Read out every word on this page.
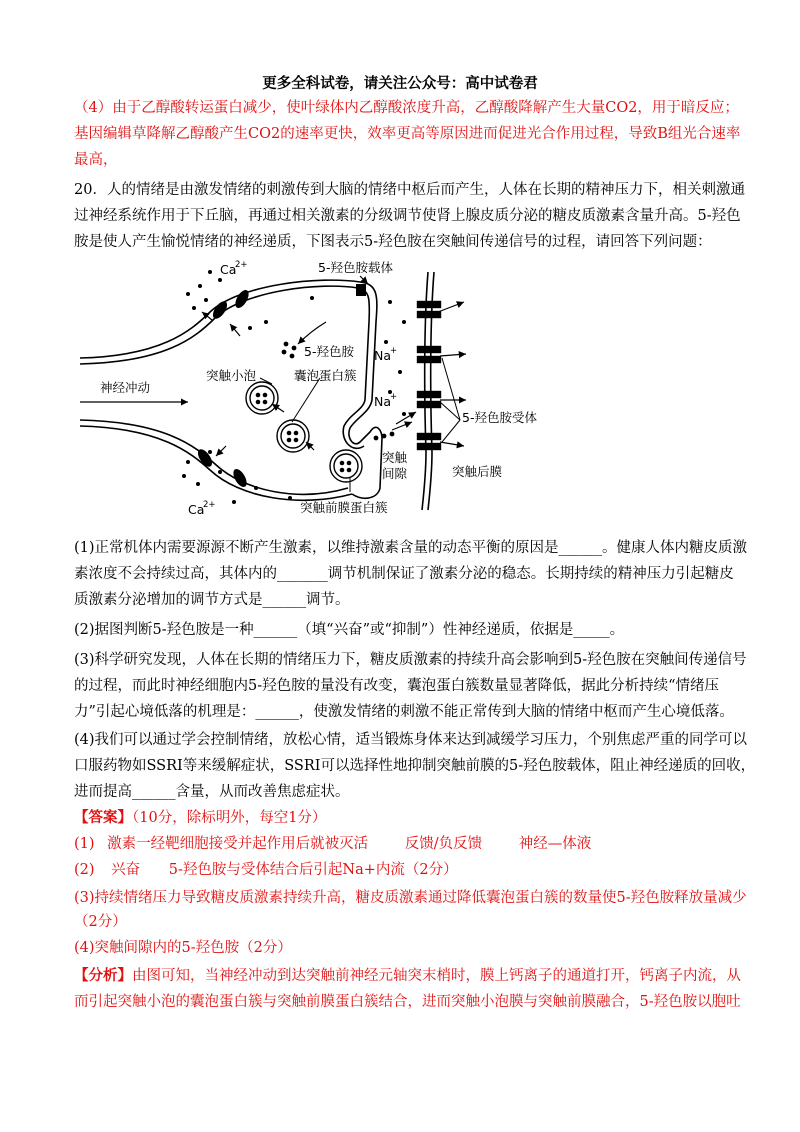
更多全科试卷，请关注公众号：高中试卷君
（4）由于乙醇酸转运蛋白减少，使叶绿体内乙醇酸浓度升高，乙醇酸降解产生大量CO2，用于暗反应；
基因编辑草降解乙醇酸产生CO2的速率更快，效率更高等原因进而促进光合作用过程，导致B组光合速率
最高，
20．人的情绪是由激发情绪的刺激传到大脑的情绪中枢后而产生，人体在长期的精神压力下，相关刺激通
过神经系统作用于下丘脑，再通过相关激素的分级调节使肾上腺皮质分泌的糖皮质激素含量升高。5-羟色
胺是使人产生愉悦情绪的神经递质，下图表示5-羟色胺在突触间传递信号的过程，请回答下列问题：
Ca
2+
Ca
2+
5-羟色胺载体
5-羟色胺
突触小泡	囊泡蛋白簇
神经冲动
Na
+
Na
+
5-羟色胺受体
突触
间隙	突触后膜
突触前膜蛋白簇
(1)正常机体内需要源源不断产生激素，以维持激素含量的动态平衡的原因是______。健康人体内糖皮质激
素浓度不会持续过高，其体内的_______调节机制保证了激素分泌的稳态。长期持续的精神压力引起糖皮
质激素分泌增加的调节方式是______调节。
(2)据图判断5-羟色胺是一种______（填“兴奋”或“抑制”）性神经递质，依据是_____。
(3)科学研究发现，人体在长期的情绪压力下，糖皮质激素的持续升高会影响到5-羟色胺在突触间传递信号
的过程，而此时神经细胞内5-羟色胺的量没有改变，囊泡蛋白簇数量显著降低，据此分析持续“情绪压
力”引起心境低落的机理是：______，使激发情绪的刺激不能正常传到大脑的情绪中枢而产生心境低落。
(4)我们可以通过学会控制情绪，放松心情，适当锻炼身体来达到减缓学习压力，个别焦虑严重的同学可以
口服药物如SSRI等来缓解症状，SSRI可以选择性地抑制突触前膜的5-羟色胺载体，阻止神经递质的回收，
进而提高______含量，从而改善焦虑症状。
【答案】（10分，除标明外，每空1分）
(1) 激素一经靶细胞接受并起作用后就被灭活	反馈/负反馈	神经—体液
(2) 兴奋 5-羟色胺与受体结合后引起Na+内流（2分）
(3)持续情绪压力导致糖皮质激素持续升高，糖皮质激素通过降低囊泡蛋白簇的数量使5-羟色胺释放量减少
（2分）
(4)突触间隙内的5-羟色胺（2分）
【分析】由图可知，当神经冲动到达突触前神经元轴突末梢时，膜上钙离子的通道打开，钙离子内流，从
而引起突触小泡的囊泡蛋白簇与突触前膜蛋白簇结合，进而突触小泡膜与突触前膜融合，5-羟色胺以胞吐
